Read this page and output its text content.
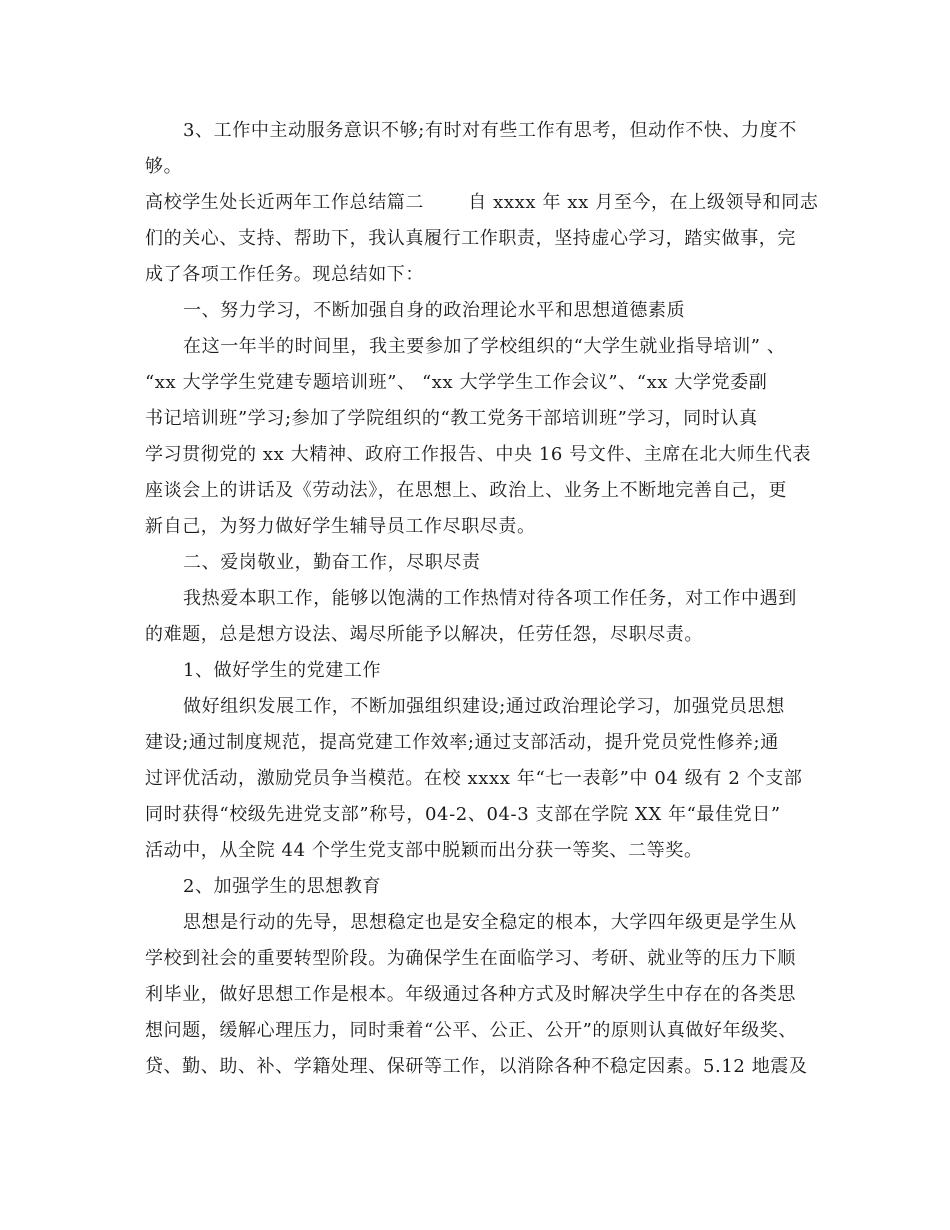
3、工作中主动服务意识不够;有时对有些工作有思考，但动作不快、力度不
够。
高校学生处长近两年工作总结篇二       自 xxxx 年 xx 月至今，在上级领导和同志
们的关心、支持、帮助下，我认真履行工作职责，坚持虚心学习，踏实做事，完
成了各项工作任务。现总结如下：
一、努力学习，不断加强自身的政治理论水平和思想道德素质
在这一年半的时间里，我主要参加了学校组织的“大学生就业指导培训” 、
“xx 大学学生党建专题培训班”、 “xx 大学学生工作会议”、“xx 大学党委副
书记培训班”学习;参加了学院组织的“教工党务干部培训班”学习，同时认真
学习贯彻党的 xx 大精神、政府工作报告、中央 16 号文件、主席在北大师生代表
座谈会上的讲话及《劳动法》，在思想上、政治上、业务上不断地完善自己，更
新自己，为努力做好学生辅导员工作尽职尽责。
二、爱岗敬业，勤奋工作，尽职尽责
我热爱本职工作，能够以饱满的工作热情对待各项工作任务，对工作中遇到
的难题，总是想方设法、竭尽所能予以解决，任劳任怨，尽职尽责。
1、做好学生的党建工作
做好组织发展工作，不断加强组织建设;通过政治理论学习，加强党员思想
建设;通过制度规范，提高党建工作效率;通过支部活动，提升党员党性修养;通
过评优活动，激励党员争当模范。在校 xxxx 年“七一表彰”中 04 级有 2 个支部
同时获得“校级先进党支部”称号，04-2、04-3 支部在学院 XX 年“最佳党日”
活动中，从全院 44 个学生党支部中脱颖而出分获一等奖、二等奖。
2、加强学生的思想教育
思想是行动的先导，思想稳定也是安全稳定的根本，大学四年级更是学生从
学校到社会的重要转型阶段。为确保学生在面临学习、考研、就业等的压力下顺
利毕业，做好思想工作是根本。年级通过各种方式及时解决学生中存在的各类思
想问题，缓解心理压力，同时秉着“公平、公正、公开”的原则认真做好年级奖、
贷、勤、助、补、学籍处理、保研等工作，以消除各种不稳定因素。5.12 地震及
